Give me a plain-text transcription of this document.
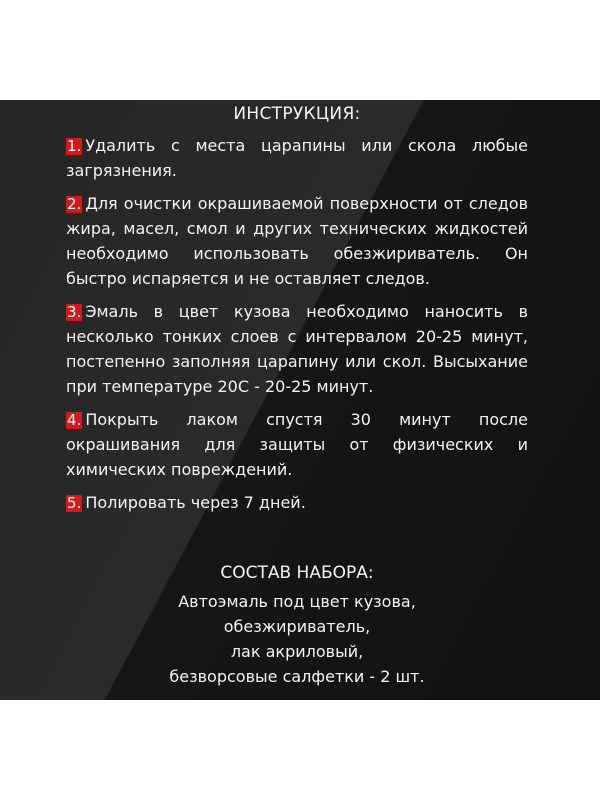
ИНСТРУКЦИЯ:
1. Удалить с места царапины или скола любые загрязнения.
2. Для очистки окрашиваемой поверхности от следов жира, масел, смол и других технических жидкостей необходимо использовать обезжириватель. Он быстро испаряется и не оставляет следов.
3. Эмаль в цвет кузова необходимо наносить в несколько тонких слоев с интервалом 20-25 минут, постепенно заполняя царапину или скол. Высыхание при температуре 20С - 20-25 минут.
4. Покрыть лаком спустя 30 минут после окрашивания для защиты от физических и химических повреждений.
5. Полировать через 7 дней.
СОСТАВ НАБОРА:
Автоэмаль под цвет кузова,
обезжириватель,
лак акриловый,
безворсовые салфетки - 2 шт.
